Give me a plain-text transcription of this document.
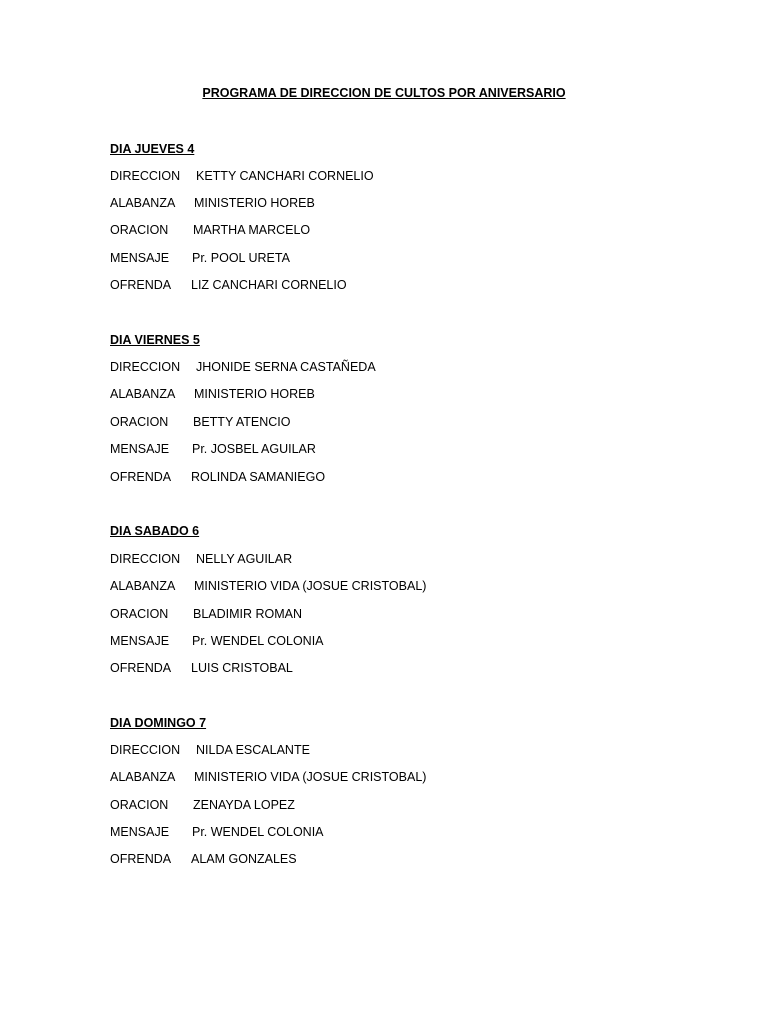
PROGRAMA DE DIRECCION DE CULTOS POR ANIVERSARIO
DIA JUEVES 4
DIRECCION KETTY CANCHARI CORNELIO
ALABANZA MINISTERIO HOREB
ORACION MARTHA MARCELO
MENSAJE Pr. POOL URETA
OFRENDA LIZ CANCHARI CORNELIO
DIA VIERNES 5
DIRECCION JHONIDE SERNA CASTAÑEDA
ALABANZA MINISTERIO HOREB
ORACION BETTY ATENCIO
MENSAJE Pr. JOSBEL AGUILAR
OFRENDA ROLINDA SAMANIEGO
DIA SABADO 6
DIRECCION NELLY AGUILAR
ALABANZA MINISTERIO VIDA (JOSUE CRISTOBAL)
ORACION BLADIMIR ROMAN
MENSAJE Pr. WENDEL COLONIA
OFRENDA LUIS CRISTOBAL
DIA DOMINGO 7
DIRECCION NILDA ESCALANTE
ALABANZA MINISTERIO VIDA (JOSUE CRISTOBAL)
ORACION ZENAYDA LOPEZ
MENSAJE Pr. WENDEL COLONIA
OFRENDA ALAM GONZALES
